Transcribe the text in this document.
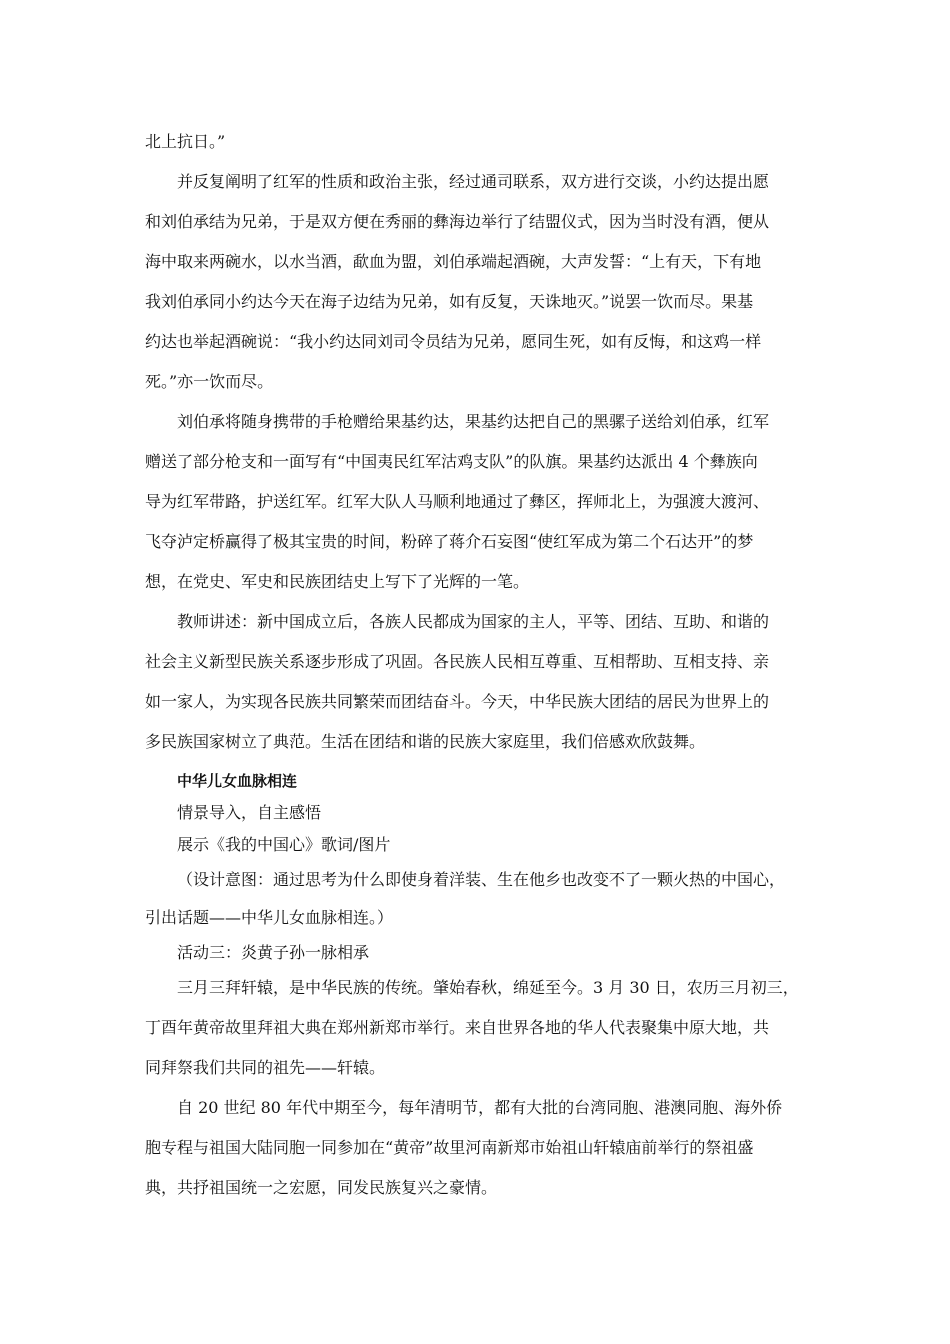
北上抗日。”
并反复阐明了红军的性质和政治主张，经过通司联系，双方进行交谈，小约达提出愿
和刘伯承结为兄弟，于是双方便在秀丽的彝海边举行了结盟仪式，因为当时没有酒，便从
海中取来两碗水，以水当酒，歃血为盟，刘伯承端起酒碗，大声发誓：“上有天，下有地
我刘伯承同小约达今天在海子边结为兄弟，如有反复，天诛地灭。”说罢一饮而尽。果基
约达也举起酒碗说：“我小约达同刘司令员结为兄弟，愿同生死，如有反悔，和这鸡一样
死。”亦一饮而尽。
刘伯承将随身携带的手枪赠给果基约达，果基约达把自己的黑骡子送给刘伯承，红军
赠送了部分枪支和一面写有“中国夷民红军沽鸡支队”的队旗。果基约达派出 4 个彝族向
导为红军带路，护送红军。红军大队人马顺利地通过了彝区，挥师北上，为强渡大渡河、
飞夺泸定桥赢得了极其宝贵的时间，粉碎了蒋介石妄图“使红军成为第二个石达开”的梦
想，在党史、军史和民族团结史上写下了光辉的一笔。
教师讲述：新中国成立后，各族人民都成为国家的主人，平等、团结、互助、和谐的
社会主义新型民族关系逐步形成了巩固。各民族人民相互尊重、互相帮助、互相支持、亲
如一家人，为实现各民族共同繁荣而团结奋斗。今天，中华民族大团结的居民为世界上的
多民族国家树立了典范。生活在团结和谐的民族大家庭里，我们倍感欢欣鼓舞。
中华儿女血脉相连
情景导入，自主感悟
展示《我的中国心》歌词/图片
（设计意图：通过思考为什么即使身着洋装、生在他乡也改变不了一颗火热的中国心，
引出话题——中华儿女血脉相连。）
活动三：炎黄子孙一脉相承
三月三拜轩辕，是中华民族的传统。肇始春秋，绵延至今。3 月 30 日，农历三月初三，
丁酉年黄帝故里拜祖大典在郑州新郑市举行。来自世界各地的华人代表聚集中原大地，共
同拜祭我们共同的祖先——轩辕。
自 20 世纪 80 年代中期至今，每年清明节，都有大批的台湾同胞、港澳同胞、海外侨
胞专程与祖国大陆同胞一同参加在“黄帝”故里河南新郑市始祖山轩辕庙前举行的祭祖盛
典，共抒祖国统一之宏愿，同发民族复兴之豪情。
